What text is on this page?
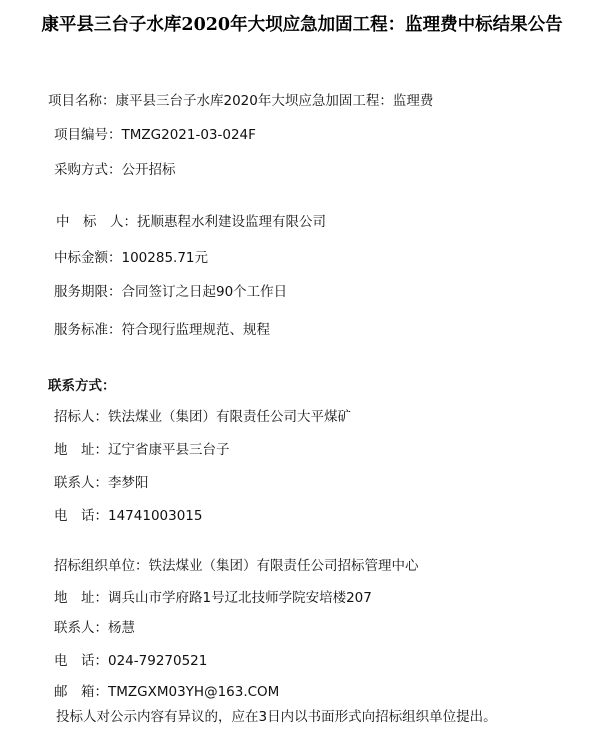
康平县三台子水库2020年大坝应急加固工程：监理费中标结果公告
项目名称：康平县三台子水库2020年大坝应急加固工程：监理费
项目编号：TMZG2021-03-024F
采购方式：公开招标
中　标　人：抚顺惠程水利建设监理有限公司
中标金额：100285.71元
服务期限：合同签订之日起90个工作日
服务标准：符合现行监理规范、规程
联系方式：
招标人：铁法煤业（集团）有限责任公司大平煤矿
地　址：辽宁省康平县三台子
联系人：李梦阳
电　话：14741003015
招标组织单位：铁法煤业（集团）有限责任公司招标管理中心
地　址：调兵山市学府路1号辽北技师学院安培楼207
联系人：杨慧
电　话：024-79270521
邮　箱：TMZGXM03YH@163.COM
投标人对公示内容有异议的，应在3日内以书面形式向招标组织单位提出。
